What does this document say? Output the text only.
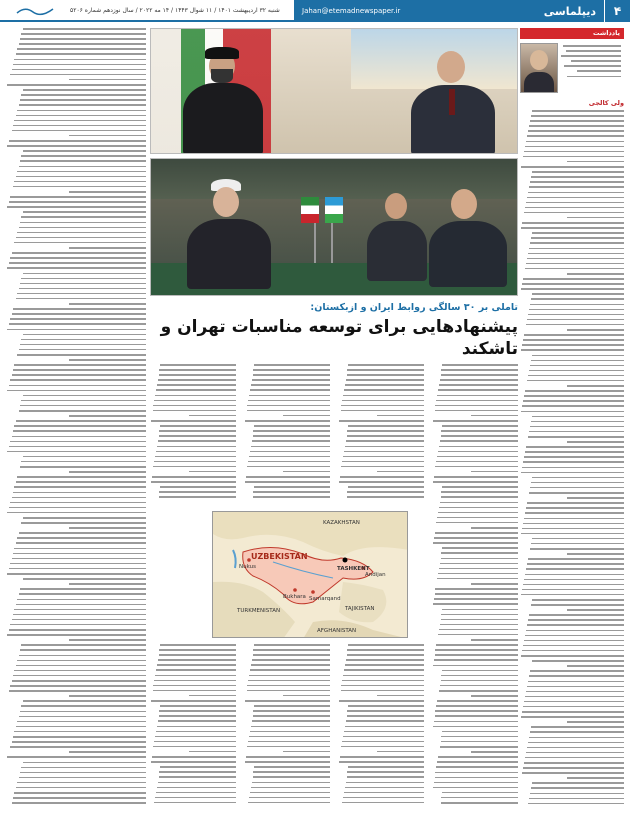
شنبه ۳۲ اردیبهشت ۱۴۰۱ / ۱۱ شوال ۱۴۴۳ / ۱۴ مه ۲۰۲۲ / سال نوزدهم شماره ۵۲۰۶	Jahan@etemadnewspaper.ir	دیپلماسی	۴
یادداشت
ولی کالجی
تاملی بر ۳۰ سالگی روابط ایران و ازبکستان:
پیشنهادهایی برای توسعه مناسبات تهران و تاشکند
KAZAKHSTAN
UZBEKISTAN
TASHKENT
TURKMENISTAN	TAJIKISTAN
AFGHANISTAN
Nukus
Bukhara Samarqand
Andijan
